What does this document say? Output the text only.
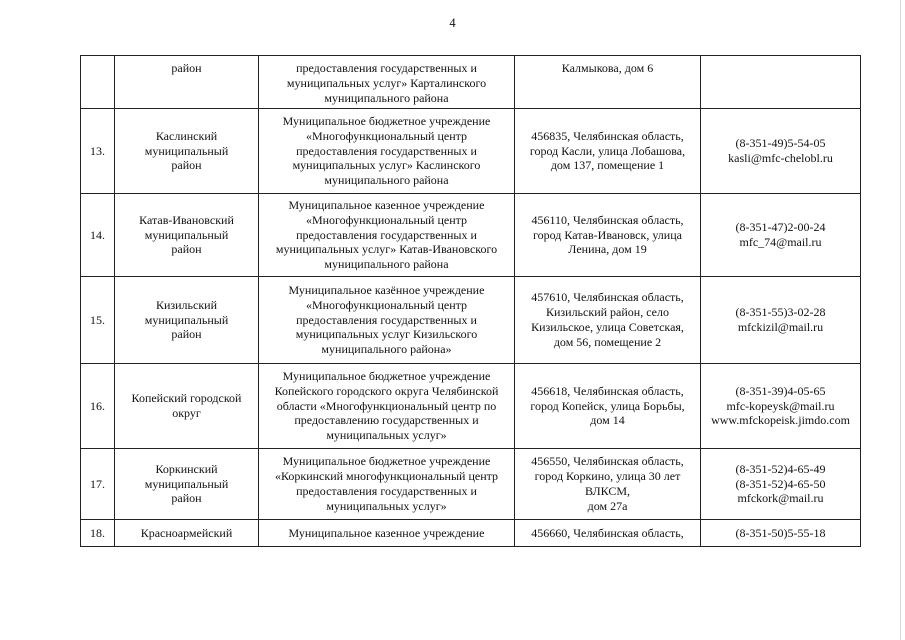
4
	район	предоставления государственных и
муниципальных услуг» Карталинского
муниципального района	Калмыкова, дом 6	
13.	Каслинский
муниципальный
район	Муниципальное бюджетное учреждение
«Многофункциональный центр
предоставления государственных и
муниципальных услуг» Каслинского
муниципального района	456835, Челябинская область,
город Касли, улица Лобашова,
дом 137, помещение 1	(8-351-49)5-54-05
kasli@mfc-chelobl.ru
14.	Катав-Ивановский
муниципальный
район	Муниципальное казенное учреждение
«Многофункциональный центр
предоставления государственных и
муниципальных услуг» Катав-Ивановского
муниципального района	456110, Челябинская область,
город Катав-Ивановск, улица
Ленина, дом 19	(8-351-47)2-00-24
mfc_74@mail.ru
15.	Кизильский
муниципальный
район	Муниципальное казённое учреждение
«Многофункциональный центр
предоставления государственных и
муниципальных услуг Кизильского
муниципального района»	457610, Челябинская область,
Кизильский район, село
Кизильское, улица Советская,
дом 56, помещение 2	(8-351-55)3-02-28
mfckizil@mail.ru
16.	Копейский городской
округ	Муниципальное бюджетное учреждение
Копейского городского округа Челябинской
области «Многофункциональный центр по
предоставлению государственных и
муниципальных услуг»	456618, Челябинская область,
город Копейск, улица Борьбы,
дом 14	(8-351-39)4-05-65
mfc-kopeysk@mail.ru
www.mfckopeisk.jimdo.com
17.	Коркинский
муниципальный
район	Муниципальное бюджетное учреждение
«Коркинский многофункциональный центр
предоставления государственных и
муниципальных услуг»	456550, Челябинская область,
город Коркино, улица 30 лет
ВЛКСМ,
дом 27а	(8-351-52)4-65-49
(8-351-52)4-65-50
mfckork@mail.ru
18.	Красноармейский	Муниципальное казенное учреждение	456660, Челябинская область,	(8-351-50)5-55-18
